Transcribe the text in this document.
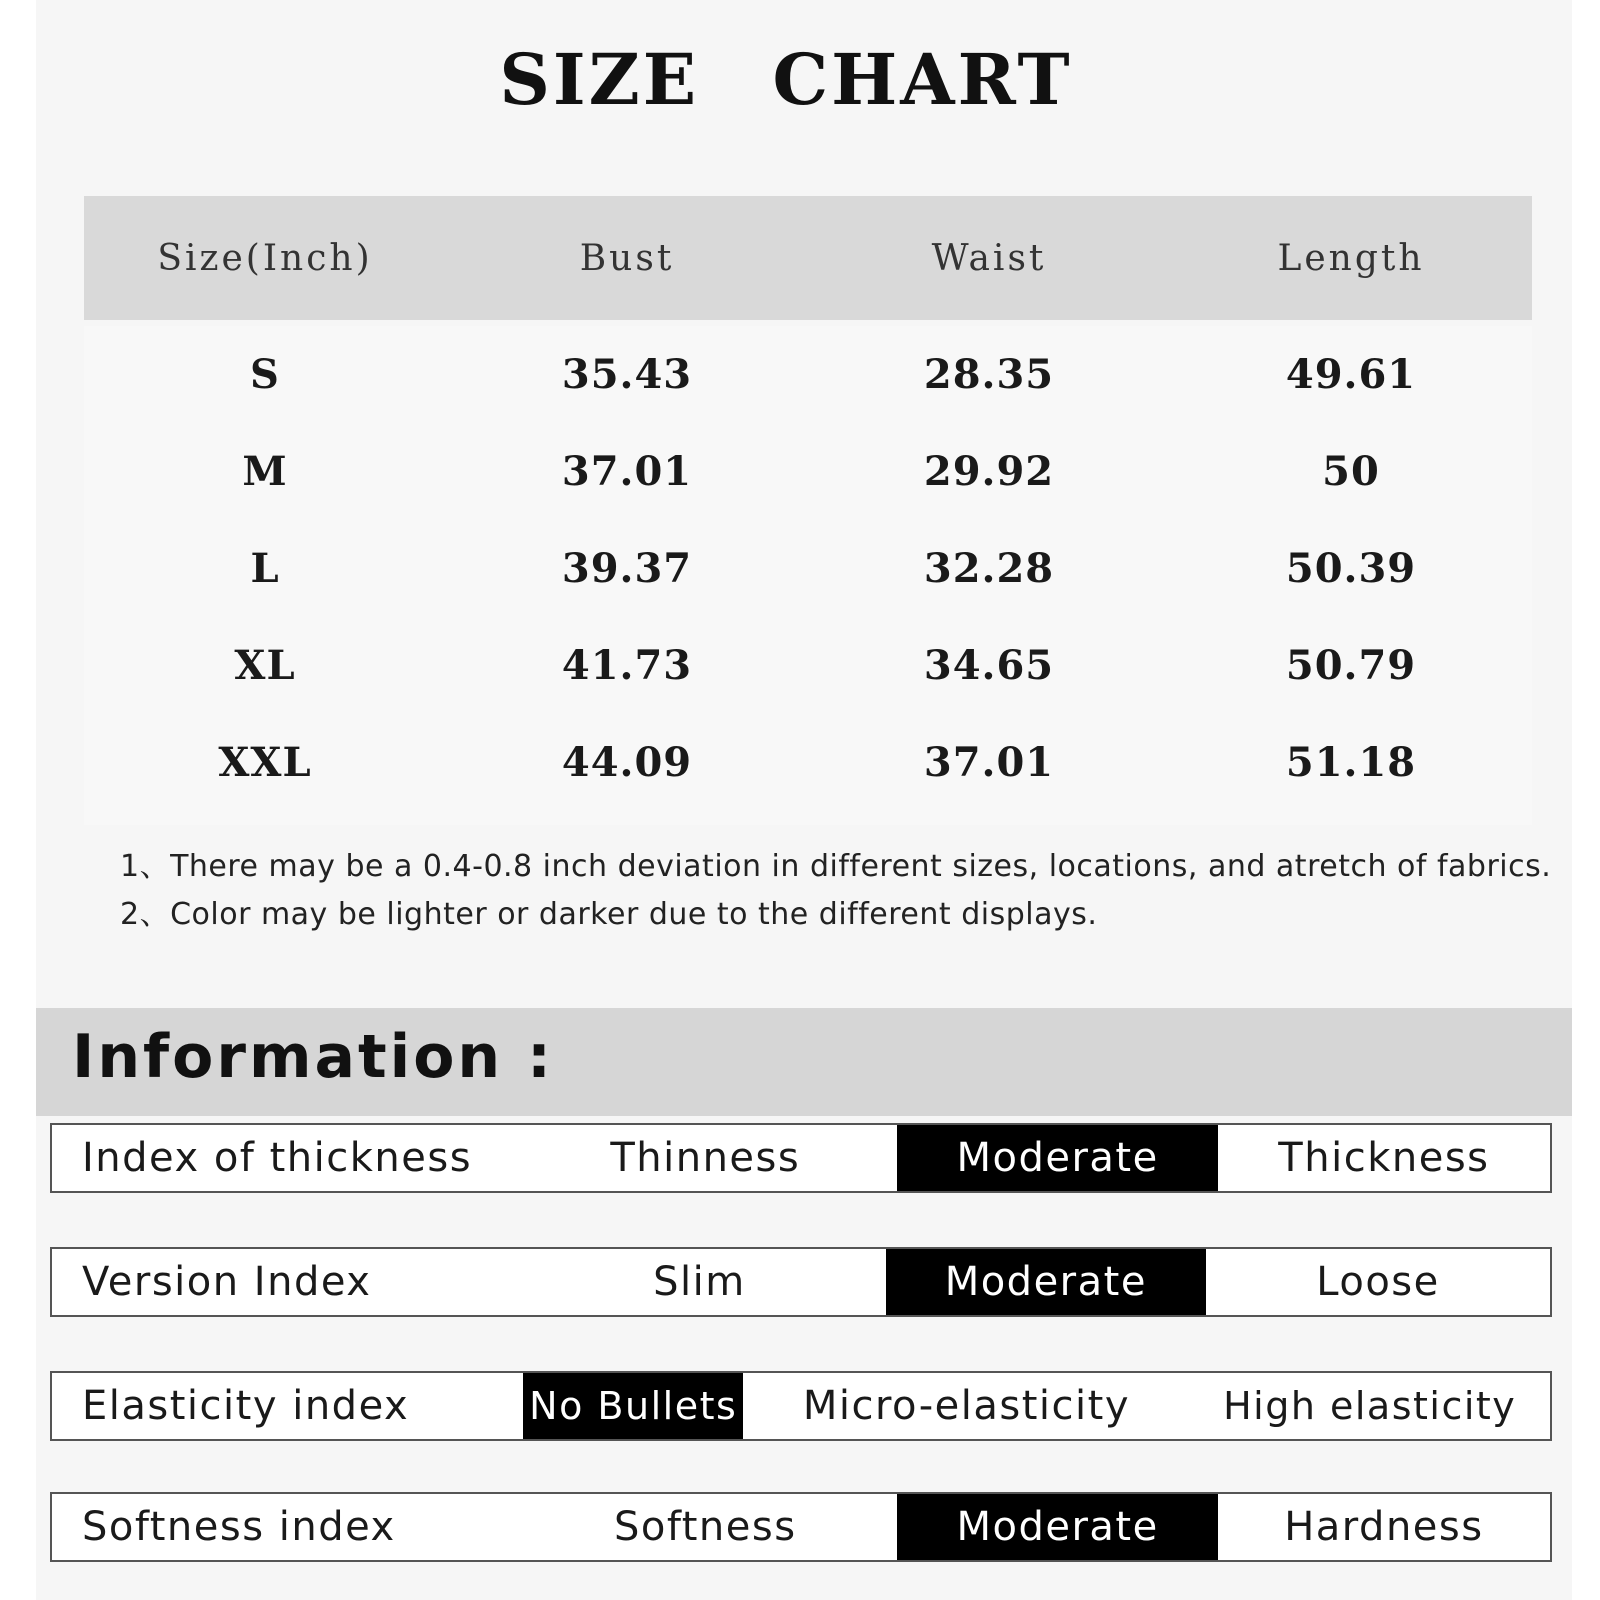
SIZE CHART
Size(Inch)	Bust	Waist	Length
S	35.43	28.35	49.61
M	37.01	29.92	50
L	39.37	32.28	50.39
XL	41.73	34.65	50.79
XXL	44.09	37.01	51.18
1、There may be a 0.4-0.8 inch deviation in different sizes, locations, and atretch of fabrics.
2、Color may be lighter or darker due to the different displays.
Information :
Index of thickness	Thinness	Moderate	Thickness
Version Index	Slim	Moderate	Loose
Elasticity index	No Bullets	Micro-elasticity	High elasticity
Softness index	Softness	Moderate	Hardness
